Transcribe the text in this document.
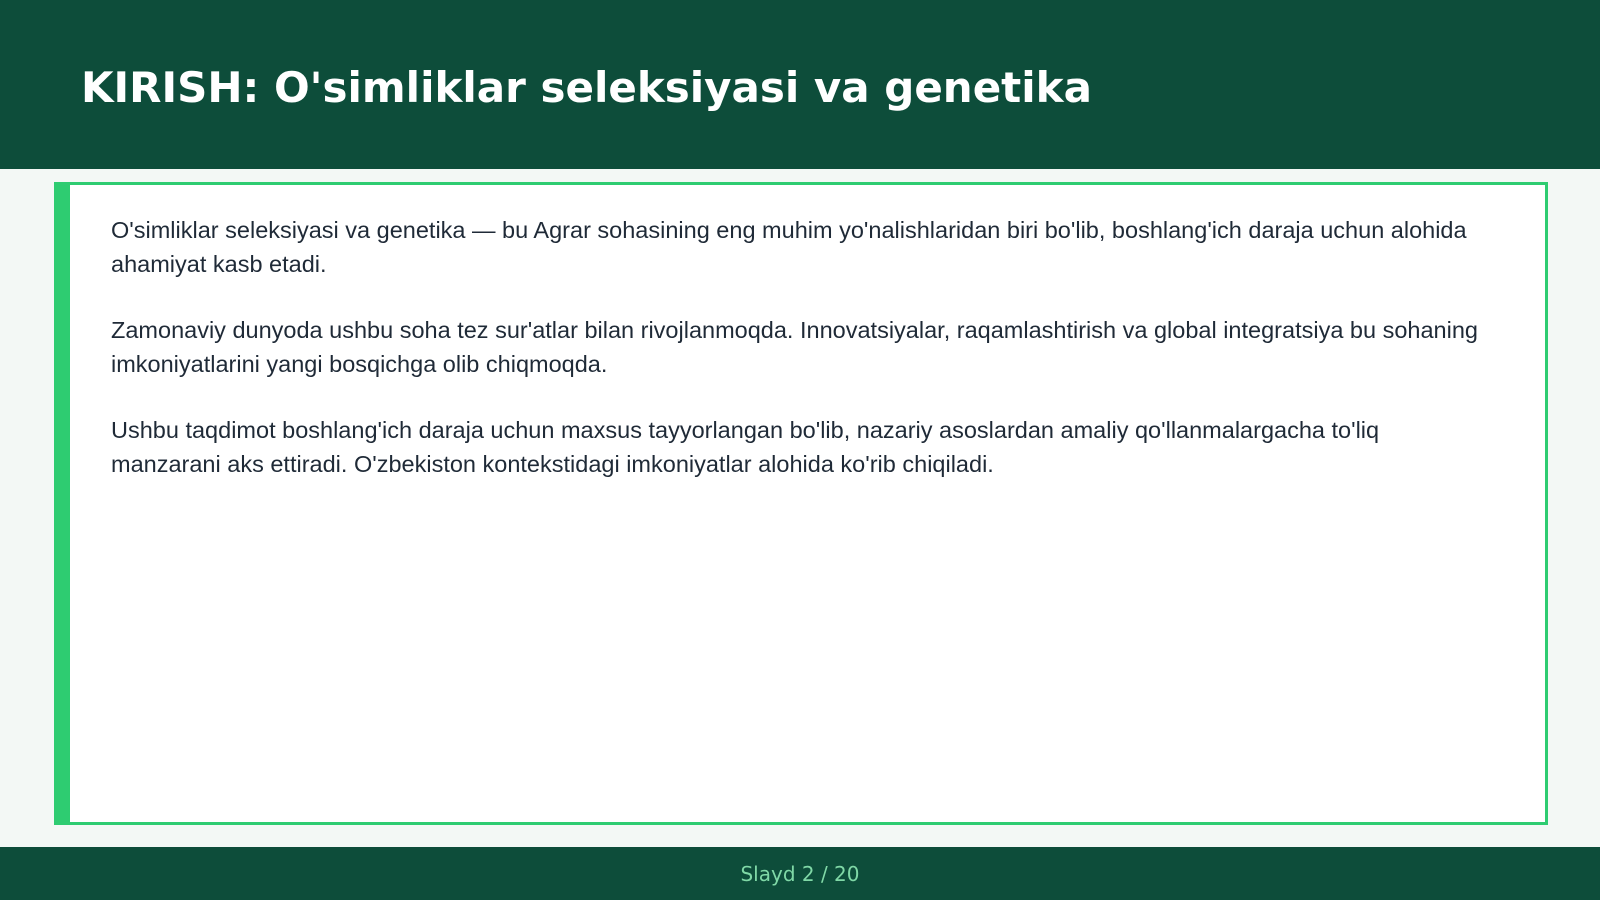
KIRISH: O'simliklar seleksiyasi va genetika

O'simliklar seleksiyasi va genetika — bu Agrar sohasining eng muhim yo'nalishlaridan biri bo'lib, boshlang'ich daraja uchun alohida ahamiyat kasb etadi.

Zamonaviy dunyoda ushbu soha tez sur'atlar bilan rivojlanmoqda. Innovatsiyalar, raqamlashtirish va global integratsiya bu sohaning imkoniyatlarini yangi bosqichga olib chiqmoqda.

Ushbu taqdimot boshlang'ich daraja uchun maxsus tayyorlangan bo'lib, nazariy asoslardan amaliy qo'llanmalargacha to'liq manzarani aks ettiradi. O'zbekiston kontekstidagi imkoniyatlar alohida ko'rib chiqiladi.

Slayd 2 / 20
